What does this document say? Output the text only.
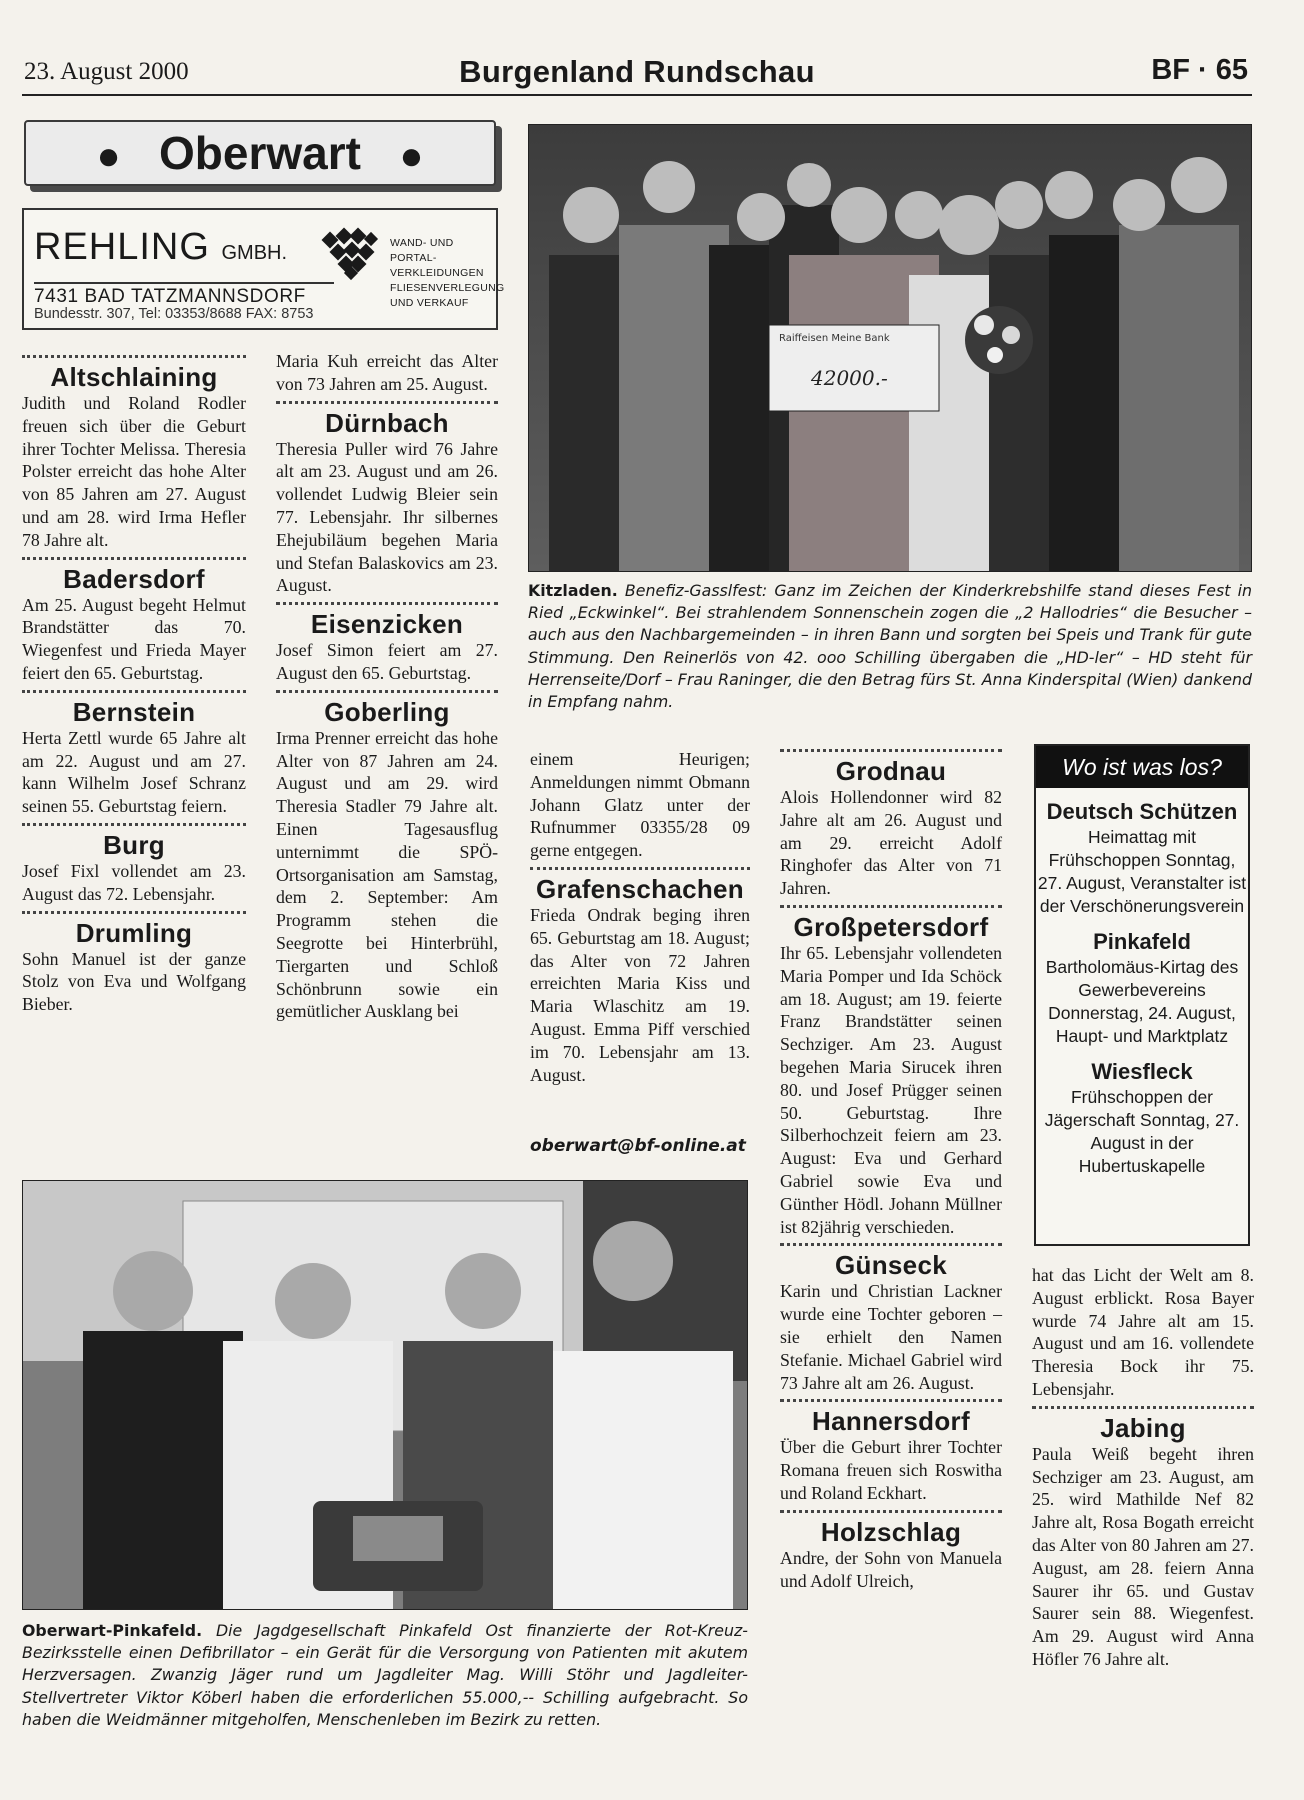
23. August 2000	Burgenland Rundschau	BF · 65
● Oberwart ●
REHLING GMBH.	WAND- UND PORTAL-VERKLEIDUNGEN FLIESENVERLEGUNG UND VERKAUF
7431 BAD TATZMANNSDORF
Bundesstr. 307, Tel: 03353/8688 FAX: 8753
Altschlaining

Judith und Roland Rodler freuen sich über die Geburt ihrer Tochter Melissa. Theresia Polster erreicht das hohe Alter von 85 Jahren am 27. August und am 28. wird Irma Hefler 78 Jahre alt.

Badersdorf

Am 25. August begeht Helmut Brandstätter das 70. Wiegenfest und Frieda Mayer feiert den 65. Geburtstag.

Bernstein

Herta Zettl wurde 65 Jahre alt am 22. August und am 27. kann Wilhelm Josef Schranz seinen 55. Geburtstag feiern.

Burg

Josef Fixl vollendet am 23. August das 72. Lebensjahr.

Drumling

Sohn Manuel ist der ganze Stolz von Eva und Wolfgang Bieber.

Maria Kuh erreicht das Alter von 73 Jahren am 25. August.

Dürnbach

Theresia Puller wird 76 Jahre alt am 23. August und am 26. vollendet Ludwig Bleier sein 77. Lebensjahr. Ihr silbernes Ehejubiläum begehen Maria und Stefan Balaskovics am 23. August.

Eisenzicken

Josef Simon feiert am 27. August den 65. Geburtstag.

Goberling

Irma Prenner erreicht das hohe Alter von 87 Jahren am 24. August und am 29. wird Theresia Stadler 79 Jahre alt. Einen Tagesausflug unternimmt die SPÖ-Ortsorganisation am Samstag, dem 2. September: Am Programm stehen die Seegrotte bei Hinterbrühl, Tiergarten und Schloß Schönbrunn sowie ein gemütlicher Ausklang bei

Raiffeisen Meine Bank
42000.-
Kitzladen. Benefiz-Gasslfest: Ganz im Zeichen der Kinderkrebshilfe stand dieses Fest in Ried „Eckwinkel“. Bei strahlendem Sonnenschein zogen die „2 Hallodries“ die Besucher – auch aus den Nachbargemeinden – in ihren Bann und sorgten bei Speis und Trank für gute Stimmung. Den Reinerlös von 42. ooo Schilling übergaben die „HD-ler“ – HD steht für Herrenseite/Dorf – Frau Raninger, die den Betrag fürs St. Anna Kinderspital (Wien) dankend in Empfang nahm.

einem Heurigen; Anmeldungen nimmt Obmann Johann Glatz unter der Rufnummer 03355/28 09 gerne entgegen.

Grafenschachen

Frieda Ondrak beging ihren 65. Geburtstag am 18. August; das Alter von 72 Jahren erreichten Maria Kiss und Maria Wlaschitz am 19. August. Emma Piff verschied im 70. Lebensjahr am 13. August.

oberwart@bf-online.at
Grodnau

Alois Hollendonner wird 82 Jahre alt am 26. August und am 29. erreicht Adolf Ringhofer das Alter von 71 Jahren.

Großpetersdorf

Ihr 65. Lebensjahr vollendeten Maria Pomper und Ida Schöck am 18. August; am 19. feierte Franz Brandstätter seinen Sechziger. Am 23. August begehen Maria Sirucek ihren 80. und Josef Prügger seinen 50. Geburtstag. Ihre Silberhochzeit feiern am 23. August: Eva und Gerhard Gabriel sowie Eva und Günther Hödl. Johann Müllner ist 82jährig verschieden.

Günseck

Karin und Christian Lackner wurde eine Tochter geboren – sie erhielt den Namen Stefanie. Michael Gabriel wird 73 Jahre alt am 26. August.

Hannersdorf

Über die Geburt ihrer Tochter Romana freuen sich Roswitha und Roland Eckhart.

Holzschlag

Andre, der Sohn von Manuela und Adolf Ulreich,

Wo ist was los?
Deutsch Schützen
Heimattag mit Frühschoppen Sonntag, 27. August, Veranstalter ist der Verschönerungsverein
Pinkafeld
Bartholomäus-Kirtag des Gewerbevereins Donnerstag, 24. August, Haupt- und Marktplatz
Wiesfleck
Frühschoppen der Jägerschaft Sonntag, 27. August in der Hubertuskapelle

hat das Licht der Welt am 8. August erblickt. Rosa Bayer wurde 74 Jahre alt am 15. August und am 16. vollendete Theresia Bock ihr 75. Lebensjahr.

Jabing

Paula Weiß begeht ihren Sechziger am 23. August, am 25. wird Mathilde Nef 82 Jahre alt, Rosa Bogath erreicht das Alter von 80 Jahren am 27. August, am 28. feiern Anna Saurer ihr 65. und Gustav Saurer sein 88. Wiegenfest. Am 29. August wird Anna Höfler 76 Jahre alt.

Oberwart-Pinkafeld. Die Jagdgesellschaft Pinkafeld Ost finanzierte der Rot-Kreuz-Bezirksstelle einen Defibrillator – ein Gerät für die Versorgung von Patienten mit akutem Herzversagen. Zwanzig Jäger rund um Jagdleiter Mag. Willi Stöhr und Jagdleiter-Stellvertreter Viktor Köberl haben die erforderlichen 55.000,-- Schilling aufgebracht. So haben die Weidmänner mitgeholfen, Menschenleben im Bezirk zu retten.
